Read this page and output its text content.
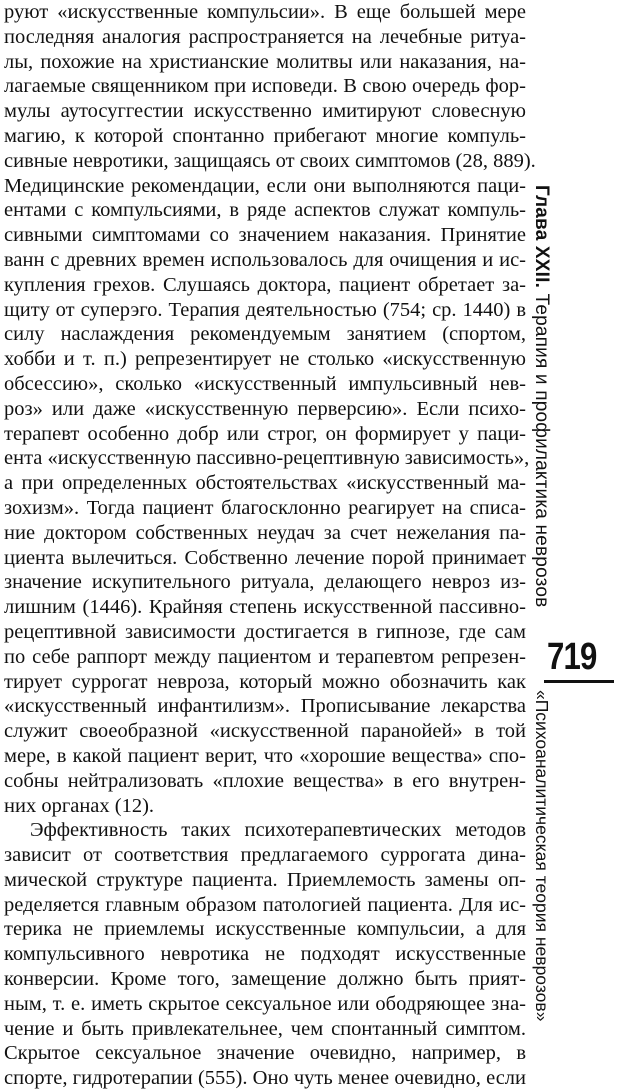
руют «искусственные компульсии». В еще большей мере
последняя аналогия распространяется на лечебные ритуа-
лы, похожие на христианские молитвы или наказания, на-
лагаемые священником при исповеди. В свою очередь фор-
мулы аутосуггестии искусственно имитируют словесную
магию, к которой спонтанно прибегают многие компуль-
сивные невротики, защищаясь от своих симптомов (28, 889).
Медицинские рекомендации, если они выполняются паци-
ентами с компульсиями, в ряде аспектов служат компуль-
сивными симптомами со значением наказания. Принятие
ванн с древних времен использовалось для очищения и ис-
купления грехов. Слушаясь доктора, пациент обретает за-
щиту от суперэго. Терапия деятельностью (754; ср. 1440) в
силу наслаждения рекомендуемым занятием (спортом,
хобби и т. п.) репрезентирует не столько «искусственную
обсессию», сколько «искусственный импульсивный нев-
роз» или даже «искусственную перверсию». Если психо-
терапевт особенно добр или строг, он формирует у паци-
ента «искусственную пассивно-рецептивную зависимость»,
а при определенных обстоятельствах «искусственный ма-
зохизм». Тогда пациент благосклонно реагирует на списа-
ние доктором собственных неудач за счет нежелания па-
циента вылечиться. Собственно лечение порой принимает
значение искупительного ритуала, делающего невроз из-
лишним (1446). Крайняя степень искусственной пассивно-
рецептивной зависимости достигается в гипнозе, где сам
по себе раппорт между пациентом и терапевтом репрезен-
тирует суррогат невроза, который можно обозначить как
«искусственный инфантилизм». Прописывание лекарства
служит своеобразной «искусственной паранойей» в той
мере, в какой пациент верит, что «хорошие вещества» спо-
собны нейтрализовать «плохие вещества» в его внутрен-
них органах (12).
Эффективность таких психотерапевтических методов
зависит от соответствия предлагаемого суррогата дина-
мической структуре пациента. Приемлемость замены оп-
ределяется главным образом патологией пациента. Для ис-
терика не приемлемы искусственные компульсии, а для
компульсивного невротика не подходят искусственные
конверсии. Кроме того, замещение должно быть прият-
ным, т. е. иметь скрытое сексуальное или ободряющее зна-
чение и быть привлекательнее, чем спонтанный симптом.
Скрытое сексуальное значение очевидно, например, в
спорте, гидротерапии (555). Оно чуть менее очевидно, если
Глава XXII. Терапия и профилактика неврозов
719
«Психоаналитическая теория неврозов»
